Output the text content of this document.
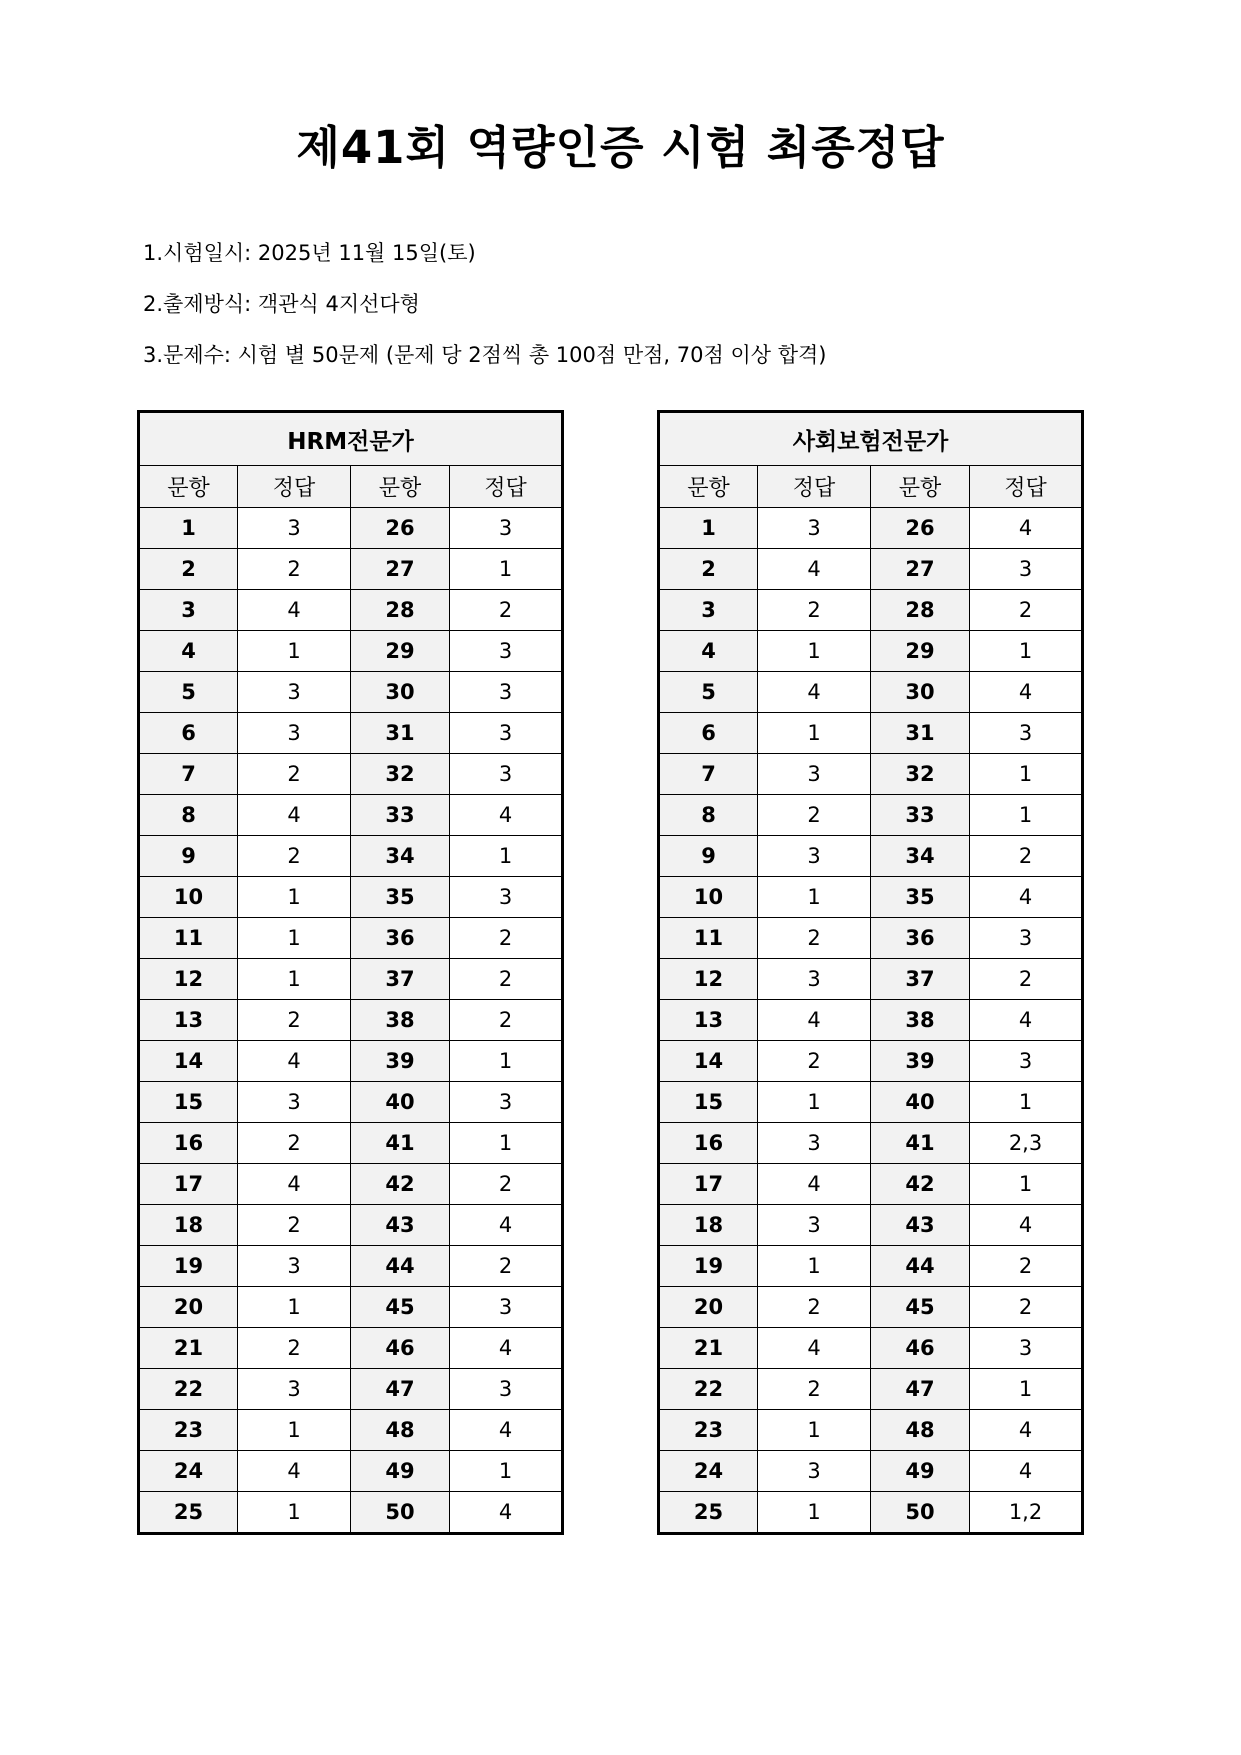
제41회 역량인증 시험 최종정답
1.시험일시: 2025년 11월 15일(토)
2.출제방식: 객관식 4지선다형
3.문제수: 시험 별 50문제 (문제 당 2점씩 총 100점 만점, 70점 이상 합격)
HRM전문가			
문항	정답	문항	정답
1	3	26	3
2	2	27	1
3	4	28	2
4	1	29	3
5	3	30	3
6	3	31	3
7	2	32	3
8	4	33	4
9	2	34	1
10	1	35	3
11	1	36	2
12	1	37	2
13	2	38	2
14	4	39	1
15	3	40	3
16	2	41	1
17	4	42	2
18	2	43	4
19	3	44	2
20	1	45	3
21	2	46	4
22	3	47	3
23	1	48	4
24	4	49	1
25	1	50	4
사회보험전문가			
문항	정답	문항	정답
1	3	26	4
2	4	27	3
3	2	28	2
4	1	29	1
5	4	30	4
6	1	31	3
7	3	32	1
8	2	33	1
9	3	34	2
10	1	35	4
11	2	36	3
12	3	37	2
13	4	38	4
14	2	39	3
15	1	40	1
16	3	41	2,3
17	4	42	1
18	3	43	4
19	1	44	2
20	2	45	2
21	4	46	3
22	2	47	1
23	1	48	4
24	3	49	4
25	1	50	1,2
